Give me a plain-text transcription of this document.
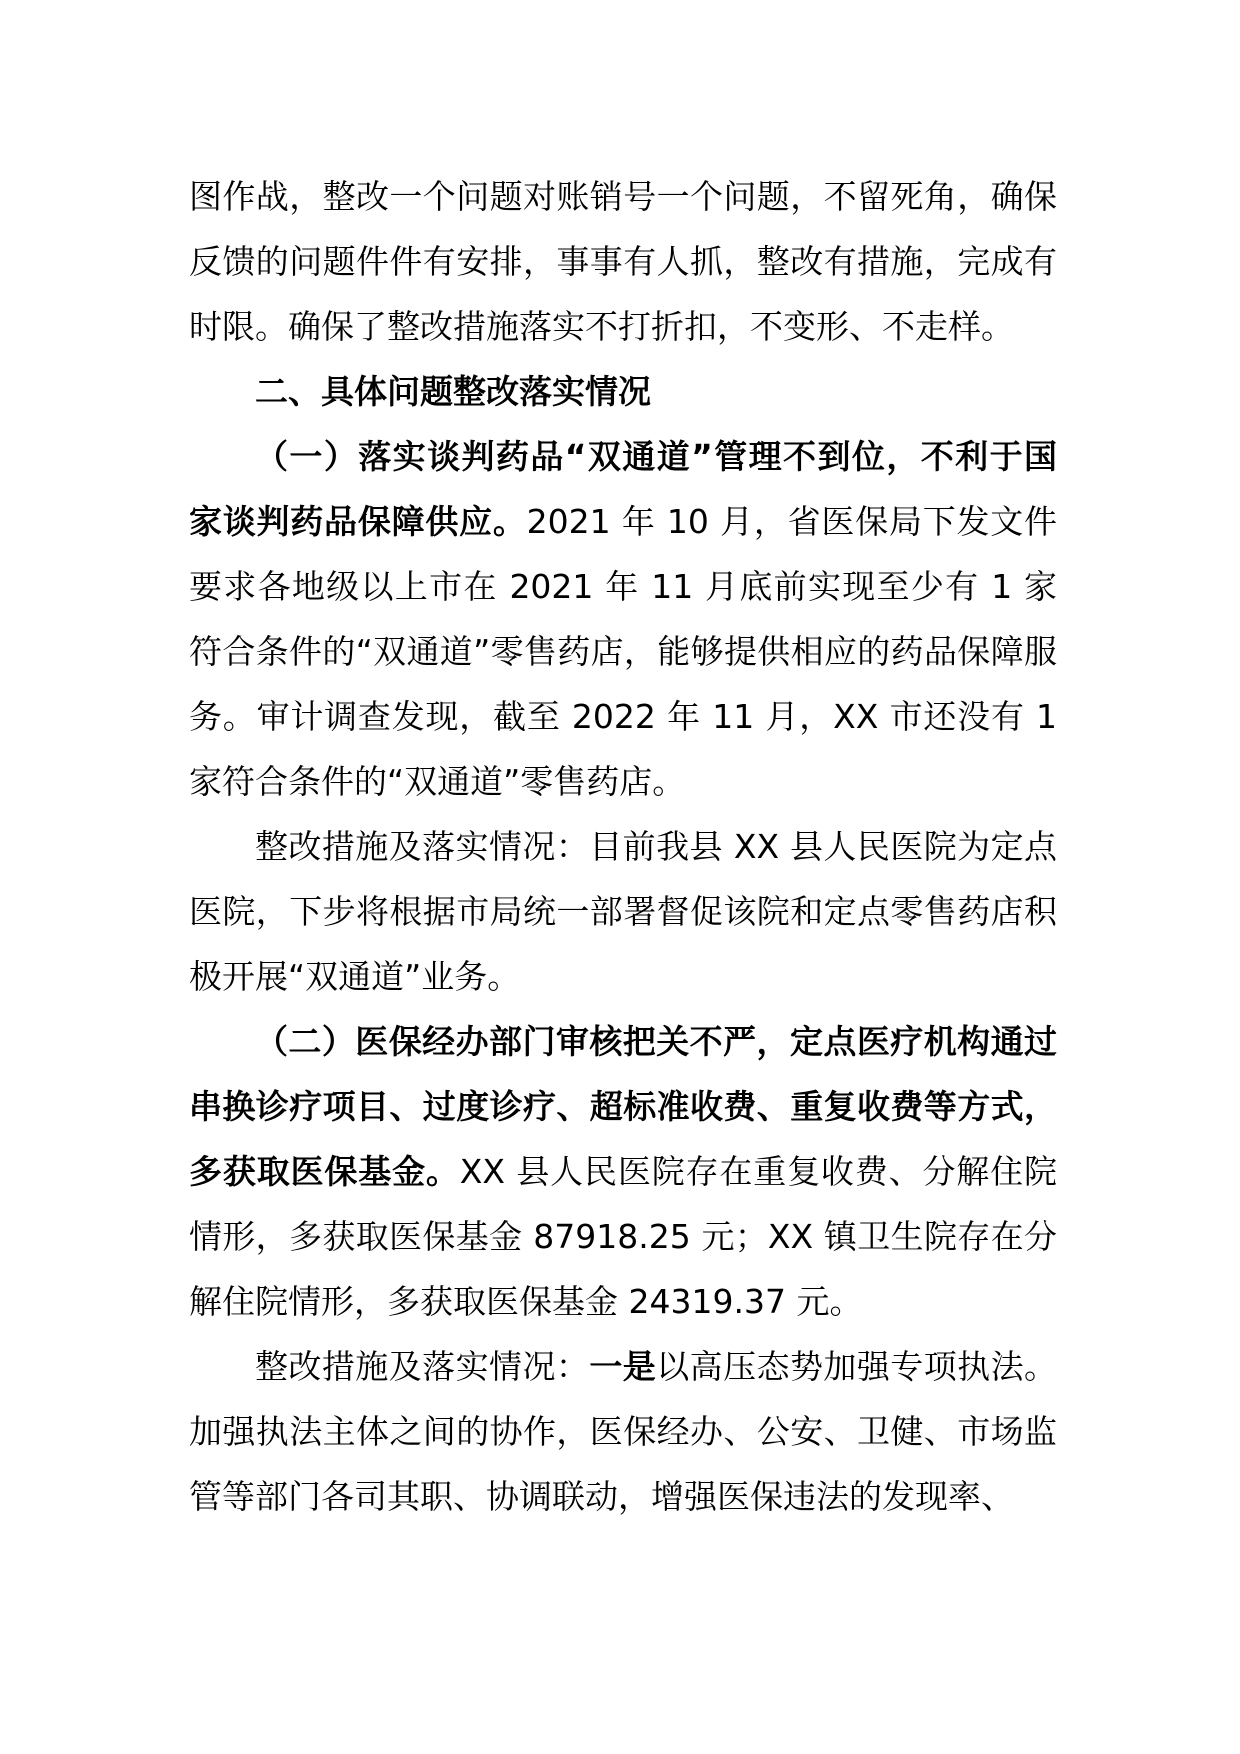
图作战，整改一个问题对账销号一个问题，不留死角，确保反馈的问题件件有安排，事事有人抓，整改有措施，完成有时限。确保了整改措施落实不打折扣，不变形、不走样。

二、具体问题整改落实情况

（一）落实谈判药品“双通道”管理不到位，不利于国家谈判药品保障供应。2021 年 10 月，省医保局下发文件要求各地级以上市在 2021 年 11 月底前实现至少有 1 家符合条件的“双通道”零售药店，能够提供相应的药品保障服务。审计调查发现，截至 2022 年 11 月，XX 市还没有 1 家符合条件的“双通道”零售药店。

整改措施及落实情况：目前我县 XX 县人民医院为定点医院，下步将根据市局统一部署督促该院和定点零售药店积极开展“双通道”业务。

（二）医保经办部门审核把关不严，定点医疗机构通过串换诊疗项目、过度诊疗、超标准收费、重复收费等方式，多获取医保基金。XX 县人民医院存在重复收费、分解住院情形，多获取医保基金 87918.25 元；XX 镇卫生院存在分解住院情形，多获取医保基金 24319.37 元。

整改措施及落实情况：一是以高压态势加强专项执法。加强执法主体之间的协作，医保经办、公安、卫健、市场监管等部门各司其职、协调联动，增强医保违法的发现率、
